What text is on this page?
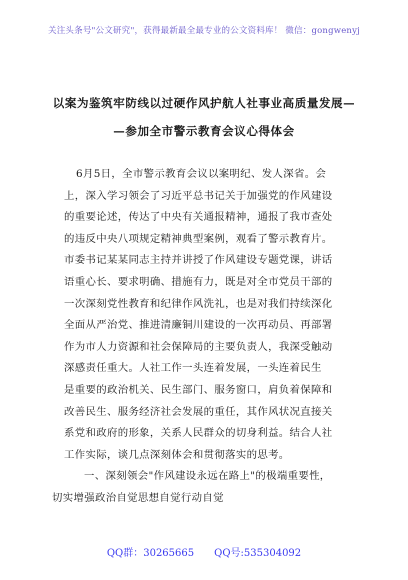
关注头条号"公文研究"，获得最新最全最专业的公文资料库！ 微信：gongwenyj
以案为鉴筑牢防线以过硬作风护航人社事业高质量发展—
—参加全市警示教育会议心得体会
6月5日，全市警示教育会议以案明纪、发人深省。会
上，深入学习领会了习近平总书记关于加强党的作风建设
的重要论述，传达了中央有关通报精神，通报了我市查处
的违反中央八项规定精神典型案例，观看了警示教育片。
市委书记某某同志主持并讲授了作风建设专题党课，讲话
语重心长、要求明确、措施有力，既是对全市党员干部的
一次深刻党性教育和纪律作风洗礼，也是对我们持续深化
全面从严治党、推进清廉铜川建设的一次再动员、再部署
作为市人力资源和社会保障局的主要负责人，我深受触动
深感责任重大。人社工作一头连着发展，一头连着民生
是重要的政治机关、民生部门、服务窗口，肩负着保障和
改善民生、服务经济社会发展的重任，其作风状况直接关
系党和政府的形象，关系人民群众的切身利益。结合人社
工作实际，谈几点深刻体会和贯彻落实的思考。
一、深刻领会"作风建设永远在路上"的极端重要性，
切实增强政治自觉思想自觉行动自觉
QQ群：30265665 QQ号:535304092
